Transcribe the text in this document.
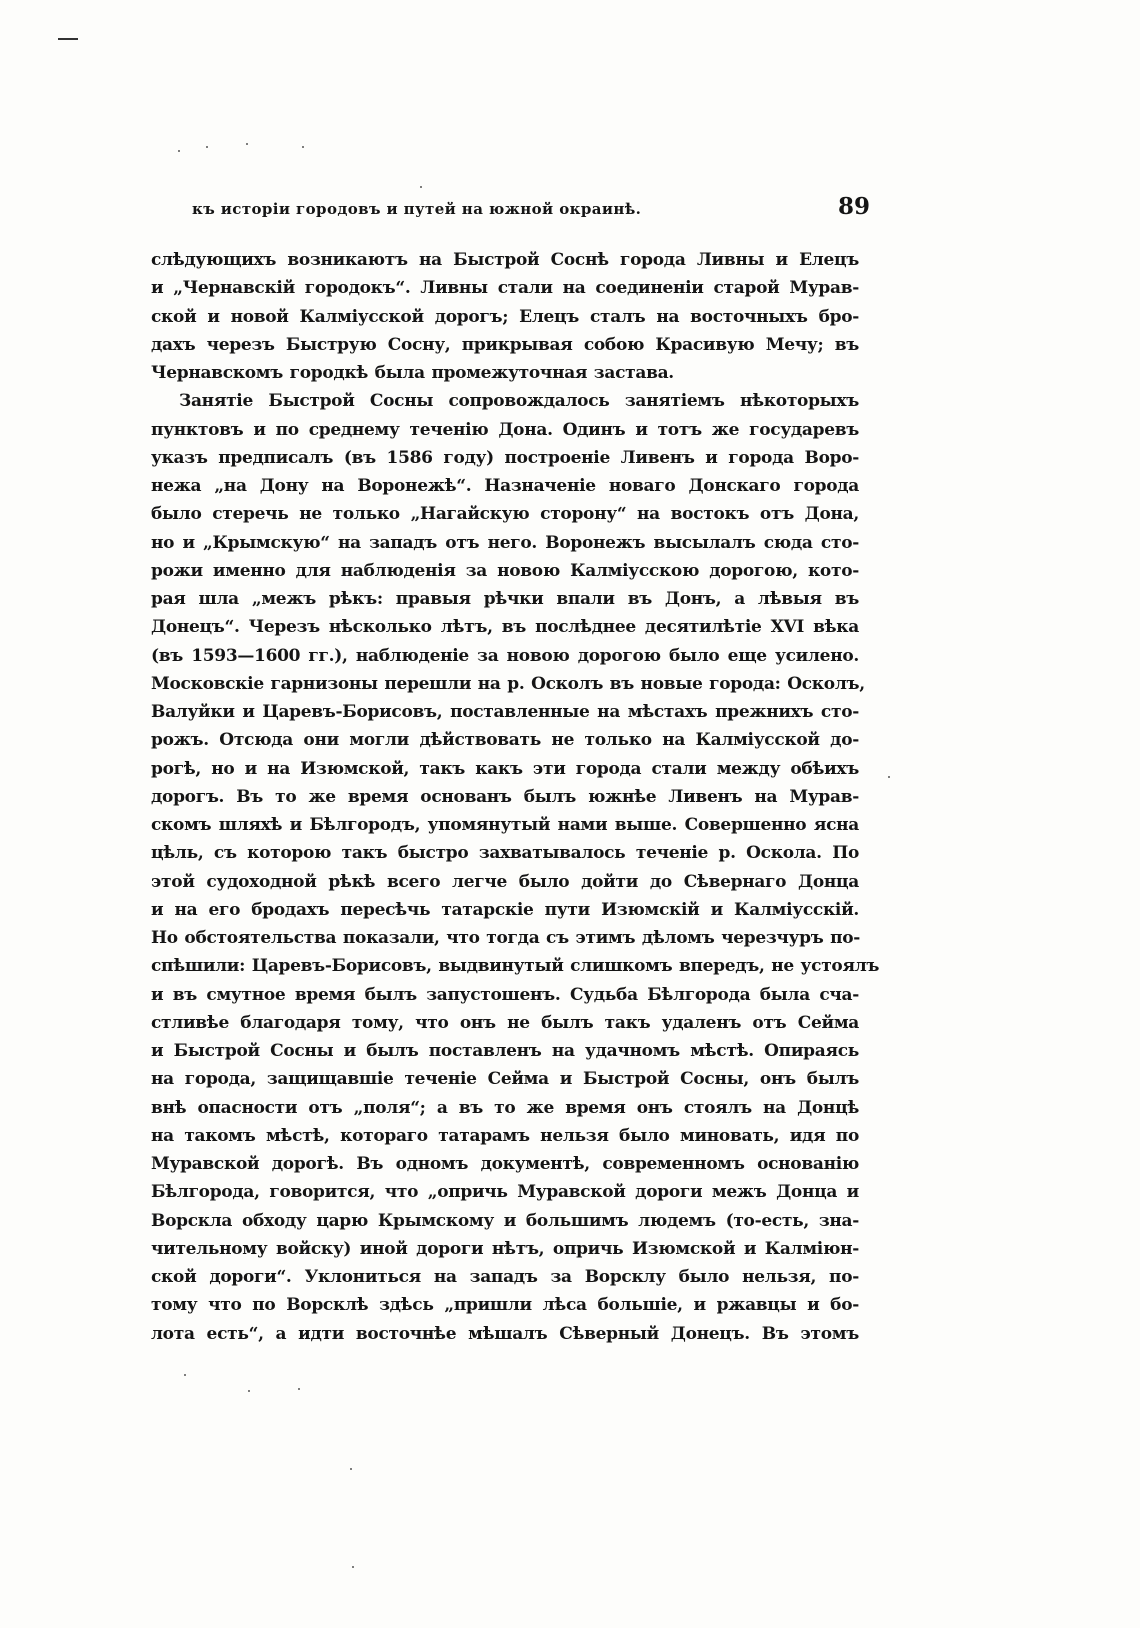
къ исторіи городовъ и путей на южной окраинѣ.	89
слѣдующихъ возникаютъ на Быстрой Соснѣ города Ливны и Елецъ
и „Чернавскій городокъ“. Ливны стали на соединеніи старой Мурав-
ской и новой Калміусской дорогъ; Елецъ сталъ на восточныхъ бро-
дахъ черезъ Быструю Сосну, прикрывая собою Красивую Мечу; въ
Чернавскомъ городкѣ была промежуточная застава.
Занятіе Быстрой Сосны сопровождалось занятіемъ нѣкоторыхъ
пунктовъ и по среднему теченію Дона. Одинъ и тотъ же государевъ
указъ предписалъ (въ 1586 году) построеніе Ливенъ и города Воро-
нежа „на Дону на Воронежѣ“. Назначеніе новаго Донскаго города
было стеречь не только „Нагайскую сторону“ на востокъ отъ Дона,
но и „Крымскую“ на западъ отъ него. Воронежъ высылалъ сюда сто-
рожи именно для наблюденія за новою Калміусскою дорогою, кото-
рая шла „межъ рѣкъ: правыя рѣчки впали въ Донъ, а лѣвыя въ
Донецъ“. Черезъ нѣсколько лѣтъ, въ послѣднее десятилѣтіе XVI вѣка
(въ 1593—1600 гг.), наблюденіе за новою дорогою было еще усилено.
Московскіе гарнизоны перешли на р. Осколъ въ новые города: Осколъ,
Валуйки и Царевъ-Борисовъ, поставленные на мѣстахъ прежнихъ сто-
рожъ. Отсюда они могли дѣйствовать не только на Калміусской до-
рогѣ, но и на Изюмской, такъ какъ эти города стали между обѣихъ
дорогъ. Въ то же время основанъ былъ южнѣе Ливенъ на Мурав-
скомъ шляхѣ и Бѣлгородъ, упомянутый нами выше. Совершенно ясна
цѣль, съ которою такъ быстро захватывалось теченіе р. Оскола. По
этой судоходной рѣкѣ всего легче было дойти до Сѣвернаго Донца
и на его бродахъ пересѣчь татарскіе пути Изюмскій и Калміусскій.
Но обстоятельства показали, что тогда съ этимъ дѣломъ черезчуръ по-
спѣшили: Царевъ-Борисовъ, выдвинутый слишкомъ впередъ, не устоялъ
и въ смутное время былъ запустошенъ. Судьба Бѣлгорода была сча-
стливѣе благодаря тому, что онъ не былъ такъ удаленъ отъ Сейма
и Быстрой Сосны и былъ поставленъ на удачномъ мѣстѣ. Опираясь
на города, защищавшіе теченіе Сейма и Быстрой Сосны, онъ былъ
внѣ опасности отъ „поля“; а въ то же время онъ стоялъ на Донцѣ
на такомъ мѣстѣ, котораго татарамъ нельзя было миновать, идя по
Муравской дорогѣ. Въ одномъ документѣ, современномъ основанію
Бѣлгорода, говорится, что „опричь Муравской дороги межъ Донца и
Ворскла обходу царю Крымскому и большимъ людемъ (то-есть, зна-
чительному войску) иной дороги нѣтъ, опричь Изюмской и Калміюн-
ской дороги“. Уклониться на западъ за Ворсклу было нельзя, по-
тому что по Ворсклѣ здѣсь „пришли лѣса большіе, и ржавцы и бо-
лота есть“, а идти восточнѣе мѣшалъ Сѣверный Донецъ. Въ этомъ
